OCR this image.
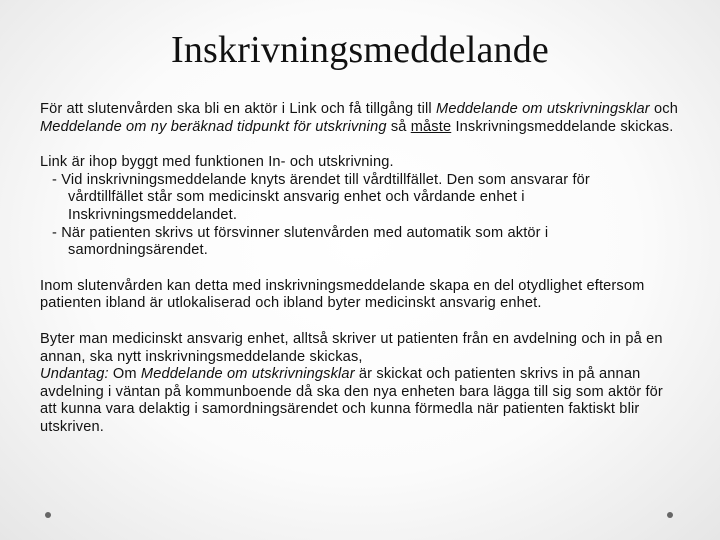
Inskrivningsmeddelande

För att slutenvården ska bli en aktör i Link och få tillgång till Meddelande om utskrivningsklar och Meddelande om ny beräknad tidpunkt för utskrivning så måste Inskrivningsmeddelande skickas.

Link är ihop byggt med funktionen In- och utskrivning.

- Vid inskrivningsmeddelande knyts ärendet till vårdtillfället. Den som ansvarar för
vårdtillfället står som medicinskt ansvarig enhet och vårdande enhet i Inskrivningsmeddelandet.

- När patienten skrivs ut försvinner slutenvården med automatik som aktör i
samordningsärendet.

Inom slutenvården kan detta med inskrivningsmeddelande skapa en del otydlighet eftersom patienten ibland är utlokaliserad och ibland byter medicinskt ansvarig enhet.

Byter man medicinskt ansvarig enhet, alltså skriver ut patienten från en avdelning och in på en annan, ska nytt inskrivningsmeddelande skickas,

Undantag: Om Meddelande om utskrivningsklar är skickat och patienten skrivs in på annan avdelning i väntan på kommunboende då ska den nya enheten bara lägga till sig som aktör för att kunna vara delaktig i samordningsärendet och kunna förmedla när patienten faktiskt blir utskriven.
